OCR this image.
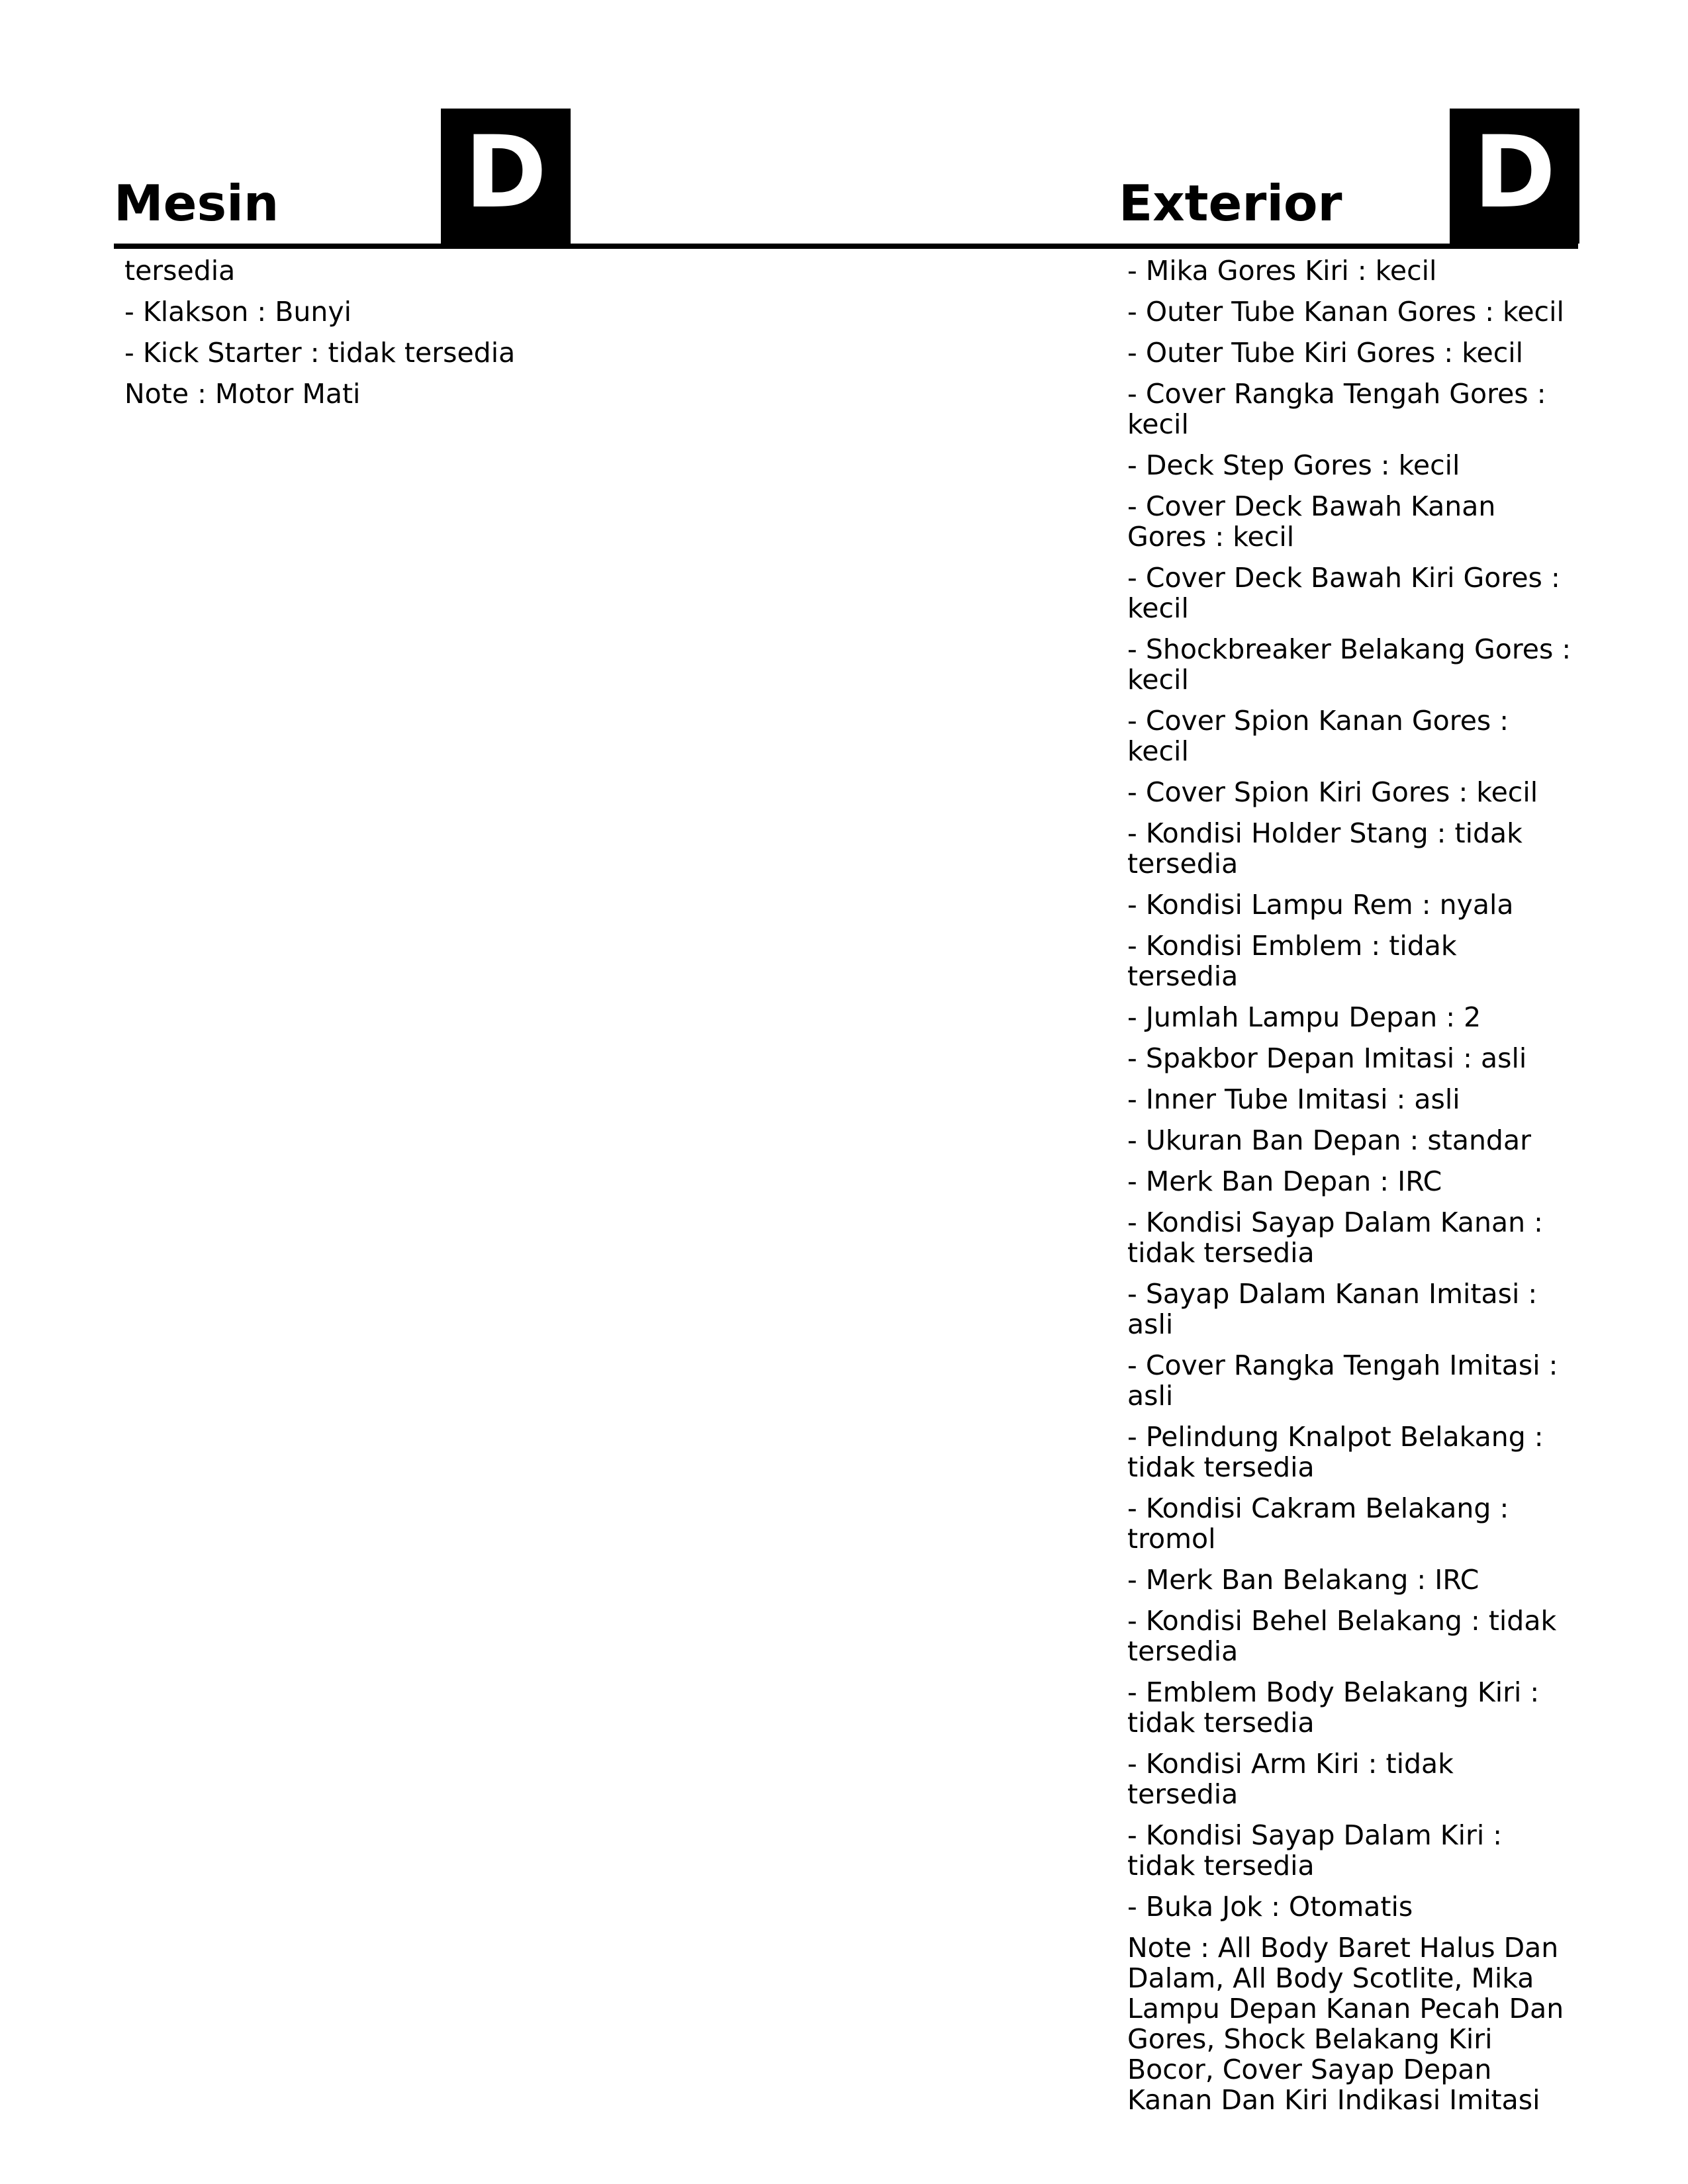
Mesin D	Exterior D

tersedia

- Klakson : Bunyi

- Kick Starter : tidak tersedia

Note : Motor Mati

- Mika Gores Kiri : kecil

- Outer Tube Kanan Gores : kecil

- Outer Tube Kiri Gores : kecil

- Cover Rangka Tengah Gores : kecil

- Deck Step Gores : kecil

- Cover Deck Bawah Kanan Gores : kecil

- Cover Deck Bawah Kiri Gores : kecil

- Shockbreaker Belakang Gores : kecil

- Cover Spion Kanan Gores : kecil

- Cover Spion Kiri Gores : kecil

- Kondisi Holder Stang : tidak tersedia

- Kondisi Lampu Rem : nyala

- Kondisi Emblem : tidak tersedia

- Jumlah Lampu Depan : 2

- Spakbor Depan Imitasi : asli

- Inner Tube Imitasi : asli

- Ukuran Ban Depan : standar

- Merk Ban Depan : IRC

- Kondisi Sayap Dalam Kanan : tidak tersedia

- Sayap Dalam Kanan Imitasi : asli

- Cover Rangka Tengah Imitasi : asli

- Pelindung Knalpot Belakang : tidak tersedia

- Kondisi Cakram Belakang : tromol

- Merk Ban Belakang : IRC

- Kondisi Behel Belakang : tidak tersedia

- Emblem Body Belakang Kiri : tidak tersedia

- Kondisi Arm Kiri : tidak tersedia

- Kondisi Sayap Dalam Kiri : tidak tersedia

- Buka Jok : Otomatis

Note : All Body Baret Halus Dan Dalam, All Body Scotlite, Mika Lampu Depan Kanan Pecah Dan Gores, Shock Belakang Kiri Bocor, Cover Sayap Depan Kanan Dan Kiri Indikasi Imitasi
